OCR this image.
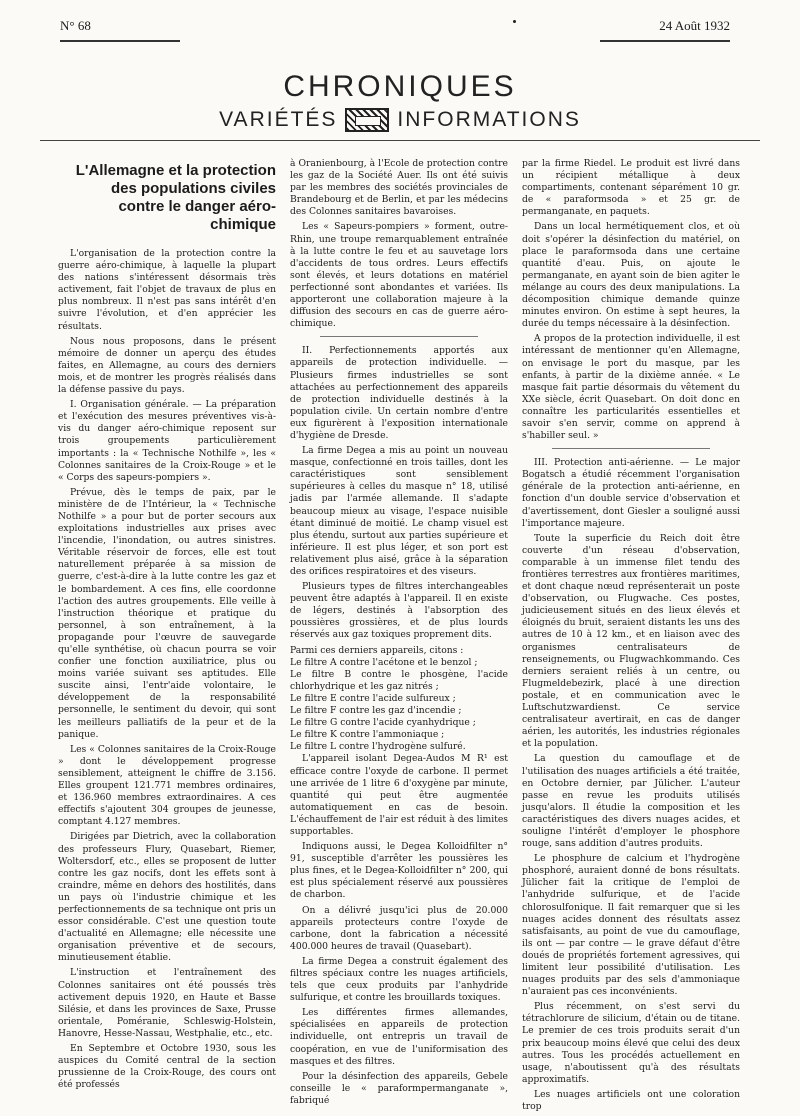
N° 68	24 Août 1932
CHRONIQUES
VARIÉTÉS	INFORMATIONS
L'Allemagne et la protection
des populations civiles
contre le danger aéro-chimique

L'organisation de la protection contre la guerre aéro-chimique, à laquelle la plupart des nations s'intéressent désormais très activement, fait l'objet de travaux de plus en plus nombreux. Il n'est pas sans intérêt d'en suivre l'évolution, et d'en apprécier les résultats.

Nous nous proposons, dans le présent mémoire de donner un aperçu des études faites, en Allemagne, au cours des derniers mois, et de montrer les progrès réalisés dans la défense passive du pays.

I. Organisation générale. — La préparation et l'exécution des mesures préventives vis-à-vis du danger aéro-chimique reposent sur trois groupements particulièrement importants : la « Technische Nothilfe », les « Colonnes sanitaires de la Croix-Rouge » et le « Corps des sapeurs-pompiers ».

Prévue, dès le temps de paix, par le ministère de de l'Intérieur, la « Technische Nothilfe » a pour but de porter secours aux exploitations industrielles aux prises avec l'incendie, l'inondation, ou autres sinistres. Véritable réservoir de forces, elle est tout naturellement préparée à sa mission de guerre, c'est-à-dire à la lutte contre les gaz et le bombardement. A ces fins, elle coordonne l'action des autres groupements. Elle veille à l'instruction théorique et pratique du personnel, à son entraînement, à la propagande pour l'œuvre de sauvegarde qu'elle synthétise, où chacun pourra se voir confier une fonction auxiliatrice, plus ou moins variée suivant ses aptitudes. Elle suscite ainsi, l'entr'aide volontaire, le développement de la responsabilité personnelle, le sentiment du devoir, qui sont les meilleurs palliatifs de la peur et de la panique.

Les « Colonnes sanitaires de la Croix-Rouge » dont le développement progresse sensiblement, atteignent le chiffre de 3.156. Elles groupent 121.771 membres ordinaires, et 136.960 membres extraordinaires. A ces effectifs s'ajoutent 304 groupes de jeunesse, comptant 4.127 membres.

Dirigées par Dietrich, avec la collaboration des professeurs Flury, Quasebart, Riemer, Woltersdorf, etc., elles se proposent de lutter contre les gaz nocifs, dont les effets sont à craindre, même en dehors des hostilités, dans un pays où l'industrie chimique et les perfectionnements de sa technique ont pris un essor considérable. C'est une question toute d'actualité en Allemagne; elle nécessite une organisation préventive et de secours, minutieusement établie.

L'instruction et l'entraînement des Colonnes sanitaires ont été poussés très activement depuis 1920, en Haute et Basse Silésie, et dans les provinces de Saxe, Prusse orientale, Poméranie, Schleswig-Holstein, Hanovre, Hesse-Nassau, Westphalie, etc., etc.

En Septembre et Octobre 1930, sous les auspices du Comité central de la section prussienne de la Croix-Rouge, des cours ont été professés

à Oranienbourg, à l'Ecole de protection contre les gaz de la Société Auer. Ils ont été suivis par les membres des sociétés provinciales de Brandebourg et de Berlin, et par les médecins des Colonnes sanitaires bavaroises.

Les « Sapeurs-pompiers » forment, outre-Rhin, une troupe remarquablement entraînée à la lutte contre le feu et au sauvetage lors d'accidents de tous ordres. Leurs effectifs sont élevés, et leurs dotations en matériel perfectionné sont abondantes et variées. Ils apporteront une collaboration majeure à la diffusion des secours en cas de guerre aéro-chimique.

II. Perfectionnements apportés aux appareils de protection individuelle. — Plusieurs firmes industrielles se sont attachées au perfectionnement des appareils de protection individuelle destinés à la population civile. Un certain nombre d'entre eux figurèrent à l'exposition internationale d'hygiène de Dresde.

La firme Degea a mis au point un nouveau masque, confectionné en trois tailles, dont les caractéristiques sont sensiblement supérieures à celles du masque n° 18, utilisé jadis par l'armée allemande. Il s'adapte beaucoup mieux au visage, l'espace nuisible étant diminué de moitié. Le champ visuel est plus étendu, surtout aux parties supérieure et inférieure. Il est plus léger, et son port est relativement plus aisé, grâce à la séparation des orifices respiratoires et des viseurs.

Plusieurs types de filtres interchangeables peuvent être adaptés à l'appareil. Il en existe de légers, destinés à l'absorption des poussières grossières, et de plus lourds réservés aux gaz toxiques proprement dits.

Parmi ces derniers appareils, citons :

Le filtre A contre l'acétone et le benzol ;

Le filtre B contre le phosgène, l'acide chlorhydrique et les gaz nitrés ;

Le filtre E contre l'acide sulfureux ;

Le filtre F contre les gaz d'incendie ;

Le filtre G contre l'acide cyanhydrique ;

Le filtre K contre l'ammoniaque ;

Le filtre L contre l'hydrogène sulfuré.

L'appareil isolant Degea-Audos M R¹ est efficace contre l'oxyde de carbone. Il permet une arrivée de 1 litre 6 d'oxygène par minute, quantité qui peut être augmentée automatiquement en cas de besoin. L'échauffement de l'air est réduit à des limites supportables.

Indiquons aussi, le Degea Kolloidfilter n° 91, susceptible d'arrêter les poussières les plus fines, et le Degea-Kolloidfilter n° 200, qui est plus spécialement réservé aux poussières de charbon.

On a délivré jusqu'ici plus de 20.000 appareils protecteurs contre l'oxyde de carbone, dont la fabrication a nécessité 400.000 heures de travail (Quasebart).

La firme Degea a construit également des filtres spéciaux contre les nuages artificiels, tels que ceux produits par l'anhydride sulfurique, et contre les brouillards toxiques.

Les différentes firmes allemandes, spécialisées en appareils de protection individuelle, ont entrepris un travail de coopération, en vue de l'uniformisation des masques et des filtres.

Pour la désinfection des appareils, Gebele conseille le « paraformpermanganate », fabriqué

par la firme Riedel. Le produit est livré dans un récipient métallique à deux compartiments, contenant séparément 10 gr. de « paraformsoda » et 25 gr. de permanganate, en paquets.

Dans un local hermétiquement clos, et où doit s'opérer la désinfection du matériel, on place le paraformsoda dans une certaine quantité d'eau. Puis, on ajoute le permanganate, en ayant soin de bien agiter le mélange au cours des deux manipulations. La décomposition chimique demande quinze minutes environ. On estime à sept heures, la durée du temps nécessaire à la désinfection.

A propos de la protection individuelle, il est intéressant de mentionner qu'en Allemagne, on envisage le port du masque, par les enfants, à partir de la dixième année. « Le masque fait partie désormais du vêtement du XXe siècle, écrit Quasebart. On doit donc en connaître les particularités essentielles et savoir s'en servir, comme on apprend à s'habiller seul. »

III. Protection anti-aérienne. — Le major Bogatsch a étudié récemment l'organisation générale de la protection anti-aérienne, en fonction d'un double service d'observation et d'avertissement, dont Giesler a souligné aussi l'importance majeure.

Toute la superficie du Reich doit être couverte d'un réseau d'observation, comparable à un immense filet tendu des frontières terrestres aux frontières maritimes, et dont chaque nœud représenterait un poste d'observation, ou Flugwache. Ces postes, judicieusement situés en des lieux élevés et éloignés du bruit, seraient distants les uns des autres de 10 à 12 km., et en liaison avec des organismes centralisateurs de renseignements, ou Flugwachkommando. Ces derniers seraient reliés à un centre, ou Flugmeldebezirk, placé à une direction postale, et en communication avec le Luftschutzwardienst. Ce service centralisateur avertirait, en cas de danger aérien, les autorités, les industries régionales et la population.

La question du camouflage et de l'utilisation des nuages artificiels a été traitée, en Octobre dernier, par Jülicher. L'auteur passe en revue les produits utilisés jusqu'alors. Il étudie la composition et les caractéristiques des divers nuages acides, et souligne l'intérêt d'employer le phosphore rouge, sans addition d'autres produits.

Le phosphure de calcium et l'hydrogène phosphoré, auraient donné de bons résultats. Jülicher fait la critique de l'emploi de l'anhydride sulfurique, et de l'acide chlorosulfonique. Il fait remarquer que si les nuages acides donnent des résultats assez satisfaisants, au point de vue du camouflage, ils ont — par contre — le grave défaut d'être doués de propriétés fortement agressives, qui limitent leur possibilité d'utilisation. Les nuages produits par des sels d'ammoniaque n'auraient pas ces inconvénients.

Plus récemment, on s'est servi du tétrachlorure de silicium, d'étain ou de titane. Le premier de ces trois produits serait d'un prix beaucoup moins élevé que celui des deux autres. Tous les procédés actuellement en usage, n'aboutissent qu'à des résultats approximatifs.

Les nuages artificiels ont une coloration trop
